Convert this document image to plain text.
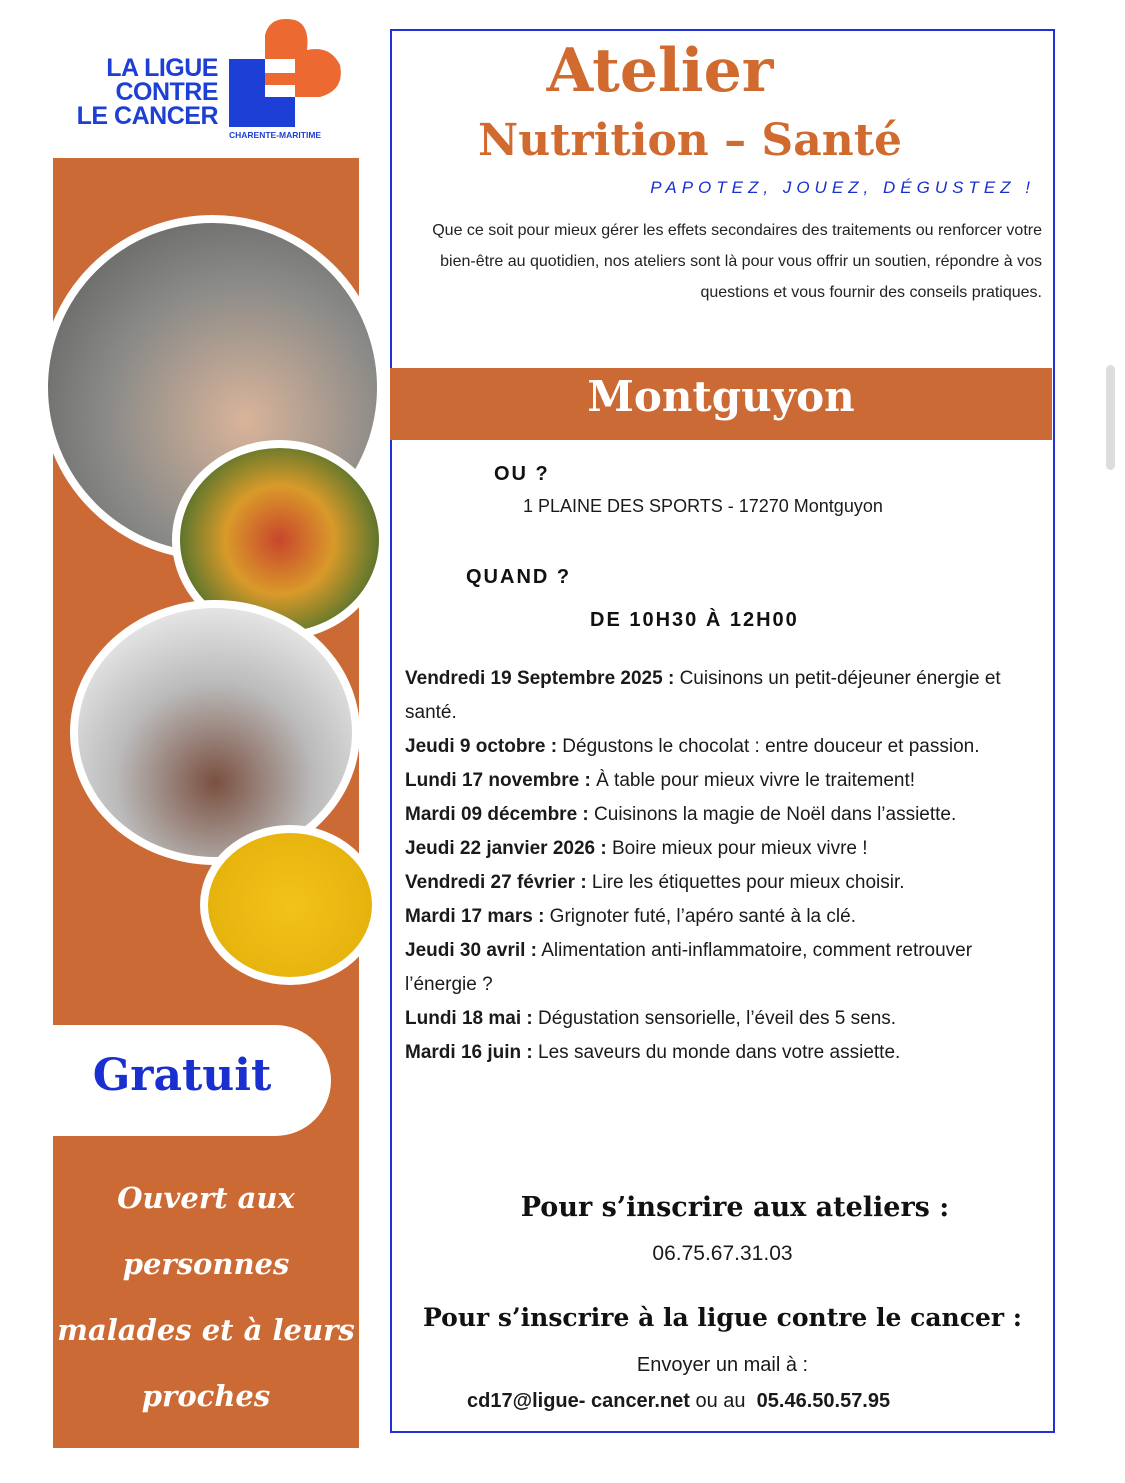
LA LIGUE
CONTRE
LE CANCER
CHARENTE-MARITIME
Gratuit
Ouvert aux
personnes
malades et à leurs
proches
Atelier
Nutrition – Santé
PAPOTEZ, JOUEZ, DÉGUSTEZ !
Que ce soit pour mieux gérer les effets secondaires des traitements ou renforcer votre bien-être au quotidien, nos ateliers sont là pour vous offrir un soutien, répondre à vos questions et vous fournir des conseils pratiques.
Montguyon
OU ?
1 PLAINE DES SPORTS - 17270 Montguyon
QUAND ?
DE 10H30 À 12H00
Vendredi 19 Septembre 2025 : Cuisinons un petit-déjeuner énergie et santé.
Jeudi 9 octobre : Dégustons le chocolat : entre douceur et passion.
Lundi 17 novembre : À table pour mieux vivre le traitement!
Mardi 09 décembre : Cuisinons la magie de Noël dans l’assiette.
Jeudi 22 janvier 2026 : Boire mieux pour mieux vivre !
Vendredi 27 février : Lire les étiquettes pour mieux choisir.
Mardi 17 mars : Grignoter futé, l’apéro santé à la clé.
Jeudi 30 avril : Alimentation anti-inflammatoire, comment retrouver l’énergie ?
Lundi 18 mai : Dégustation sensorielle, l’éveil des 5 sens.
Mardi 16 juin : Les saveurs du monde dans votre assiette.
Pour s’inscrire aux ateliers :
06.75.67.31.03
Pour s’inscrire à la ligue contre le cancer :
Envoyer un mail à :
cd17@ligue- cancer.net ou au  05.46.50.57.95
